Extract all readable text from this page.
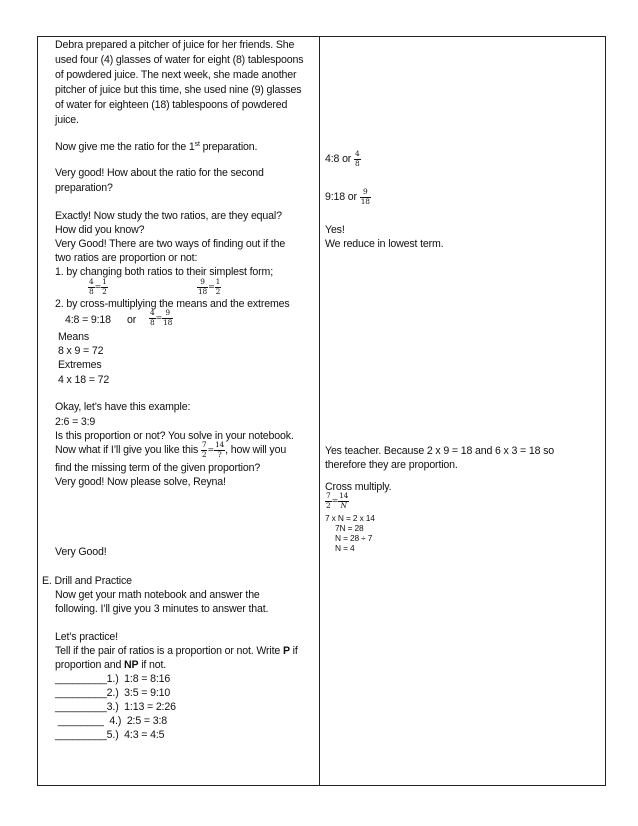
Debra prepared a pitcher of juice for her friends. She
used four (4) glasses of water for eight (8) tablespoons
of powdered juice. The next week, she made another
pitcher of juice but this time, she used nine (9) glasses
of water for eighteen (18) tablespoons of powdered
juice.
Now give me the ratio for the 1st preparation.
Very good! How about the ratio for the second
preparation?
Exactly! Now study the two ratios, are they equal?
How did you know?
Very Good! There are two ways of finding out if the
two ratios are proportion or not:
1. by changing both ratios to their simplest form;
$\frac{4}{8} = \frac{1}{2}$	$\frac{9}{18} = \frac{1}{2}$
2. by cross-multiplying the means and the extremes
4:8 = 9:18 or $\frac{4}{8} = \frac{9}{18}$
Means
8 x 9 = 72
Extremes
4 x 18 = 72
Okay, let’s have this example:
2:6 = 3:9
Is this proportion or not? You solve in your notebook.
Now what if I’ll give you like this $\frac{7}{2} = \frac{14}{?}$ , how will you
find the missing term of the given proportion?
Very good! Now please solve, Reyna!
Very Good!
E. Drill and Practice
Now get your math notebook and answer the
following. I’ll give you 3 minutes to answer that.
Let’s practice!
Tell if the pair of ratios is a proportion or not. Write P if
proportion and NP if not.
_________1.)  1:8 = 8:16
_________2.)  3:5 = 9:10
_________3.)  1:13 = 2:26
________  4.)  2:5 = 3:8
_________5.)  4:3 = 4:5
4:8 or $\frac{4}{8}$
9:18 or $\frac{9}{18}$
Yes!
We reduce in lowest term.
Yes teacher. Because 2 x 9 = 18 and 6 x 3 = 18 so
therefore they are proportion.
Cross multiply.
$\frac{7}{2} = \frac{14}{N}$
7 x N = 2 x 14
7N = 28
N = 28 ÷ 7
N = 4
